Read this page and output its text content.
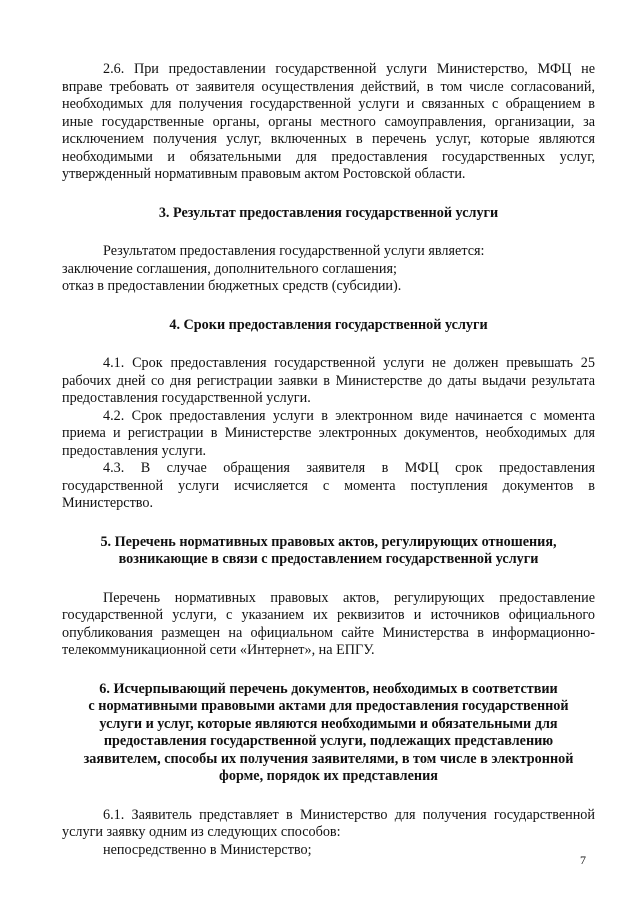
2.6. При предоставлении государственной услуги Министерство, МФЦ не вправе требовать от заявителя осуществления действий, в том числе согласований, необходимых для получения государственной услуги и связанных с обращением в иные государственные органы, органы местного самоуправления, организации, за исключением получения услуг, включенных в перечень услуг, которые являются необходимыми и обязательными для предоставления государственных услуг, утвержденный нормативным правовым актом Ростовской области.

3. Результат предоставления государственной услуги

Результатом предоставления государственной услуги является:

заключение соглашения, дополнительного соглашения;

отказ в предоставлении бюджетных средств (субсидии).

4. Сроки предоставления государственной услуги

4.1. Срок предоставления государственной услуги не должен превышать 25 рабочих дней со дня регистрации заявки в Министерстве до даты выдачи результата предоставления государственной услуги.

4.2. Срок предоставления услуги в электронном виде начинается с момента приема и регистрации в Министерстве электронных документов, необходимых для предоставления услуги.

4.3. В случае обращения заявителя в МФЦ срок предоставления государственной услуги исчисляется с момента поступления документов в Министерство.

5. Перечень нормативных правовых актов, регулирующих отношения,
возникающие в связи с предоставлением государственной услуги

Перечень нормативных правовых актов, регулирующих предоставление государственной услуги, с указанием их реквизитов и источников официального опубликования размещен на официальном сайте Министерства в информационно-телекоммуникационной сети «Интернет», на ЕПГУ.

6. Исчерпывающий перечень документов, необходимых в соответствии
с нормативными правовыми актами для предоставления государственной
услуги и услуг, которые являются необходимыми и обязательными для
предоставления государственной услуги, подлежащих представлению
заявителем, способы их получения заявителями, в том числе в электронной
форме, порядок их представления

6.1. Заявитель представляет в Министерство для получения государственной услуги заявку одним из следующих способов:

непосредственно в Министерство;

7
